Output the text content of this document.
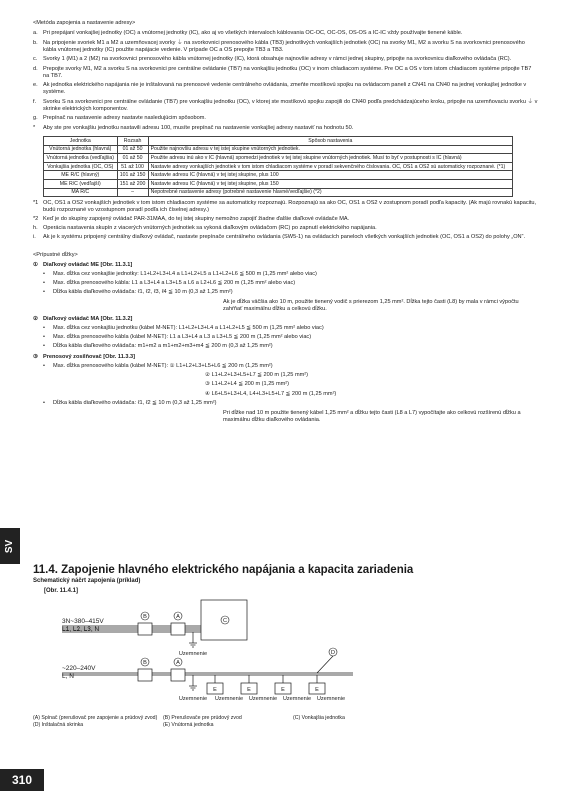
<Metóda zapojenia a nastavenie adresy>
a. Pri prepájaní vonkajšej jednotky (OC) a vnútornej jednotky (IC), ako aj vo všetkých intervaloch káblovania OC-OC, OC-OS, OS-OS a IC-IC vždy používajte tienené káble.
b. Na pripojenie svoriek M1 a M2 a uzemňovacej svorky ⏚ na svorkovnici prenosového kábla (TB3) jednotlivých vonkajších jednotiek (OC) na svorky M1, M2 a svorku S na svorkovnici prenosového kábla vnútornej jednotky (IC) použite napájacie vedenie. V prípade OC a OS prepojte TB3 a TB3.
c.	Svorky 1 (M1) a 2 (M2) na svorkovnici prenosového kábla vnútornej jednotky (IC), ktorá obsahuje najnovšie adresy v rámci jednej skupiny, pripojte na svorkovnicu diaľkového ovládača (RC).
d. Prepojte svorky M1, M2 a svorku S na svorkovnici pre centrálne ovládanie (TB7) na vonkajšiu jednotku (OC) v inom chladiacom systéme. Pre OC a OS v tom istom chladiacom systéme pripojte TB7 na TB7.
e. Ak jednotka elektrického napájania nie je inštalovaná na prenosové vedenie centrálneho ovládania, zmeňte mostíkovú spojku na ovládacom paneli z CN41 na CN40 na jednej vonkajšej jednotke v systéme.
f.	Svorku S na svorkovnici pre centrálne ovládanie (TB7) pre vonkajšiu jednotku (OC), v ktorej ste mostíkovú spojku zapojili do CN40 podľa predchádzajúceho kroku, pripojte na uzemňovaciu svorku ⏚ v skrinke elektrických komponentov.
g. Prepínač na nastavenie adresy nastavte nasledujúcim spôsobom.
*	Aby ste pre vonkajšiu jednotku nastavili adresu 100, musíte prepínač na nastavenie vonkajšej adresy nastaviť na hodnotu 50.
Jednotka	Rozsah	Spôsob nastavenia
Vnútorná jednotka (hlavná)	01 až 50	Použite najnovšiu adresu v tej istej skupine vnútorných jednotiek.
Vnútorná jednotka (vedľajšia)	01 až 50	Použite adresu inú ako v IC (hlavná) spomedzi jednotiek v tej istej skupine vnútorných jednotiek. Musí to byť v postupnosti s IC (hlavná)
Vonkajšia jednotka (OC, OS)	51 až 100	Nastavte adresy vonkajších jednotiek v tom istom chladiacom systéme v poradí sekvenčného číslovania. OC, OS1 a OS2 sú automaticky rozpoznané. (*1)
ME R/C (hlavný)	101 až 150	Nastavte adresu IC (hlavná) v tej istej skupine, plus 100
ME R/C (vedľajší)	151 až 200	Nastavte adresu IC (hlavná) v tej istej skupine, plus 150
MA R/C	–	Nepotrebné nastavenie adresy (potrebné nastavenie hlavné/vedľajšie) (*2)
*1 OC, OS1 a OS2 vonkajších jednotiek v tom istom chladiacom systéme sa automaticky rozpoznajú. Rozpoznajú sa ako OC, OS1 a OS2 v zostupnom poradí podľa kapacity. (Ak majú rovnakú kapacitu, budú rozpoznané vo vzostupnom poradí podľa ich číselnej adresy.)
*2 Keď je do skupiny zapojený ovládač PAR-31MAA, do tej istej skupiny nemožno zapojiť žiadne ďalšie diaľkové ovládače MA.
h. Operácia nastavenia skupín z viacerých vnútorných jednotiek sa vykoná diaľkovým ovládačom (RC) po zapnutí elektrického napájania.
i.	Ak je k systému pripojený centrálny diaľkový ovládač, nastavte prepínače centrálneho ovládania (SW5-1) na ovládacích paneloch všetkých vonkajších jednotiek (OC, OS1 a OS2) do polohy „ON“.
<Prípustné dĺžky>
① Diaľkový ovládač ME [Obr. 11.3.1]
•	Max. dĺžka cez vonkajšie jednotky: L1+L2+L3+L4 a L1+L2+L5 a L1+L2+L6 ≦ 500 m (1,25 mm² alebo viac)
•	Max. dĺžka prenosového kábla: L1 a L3+L4 a L3+L5 a L6 a L2+L6 ≦ 200 m (1,25 mm² alebo viac)
•	Dĺžka kábla diaľkového ovládača: ℓ1, ℓ2, ℓ3, ℓ4 ≦ 10 m (0,3 až 1,25 mm²)
Ak je dĺžka väčšia ako 10 m, použite tienený vodič s prierezom 1,25 mm². Dĺžka tejto časti (L8) by mala v rámci výpočtu zahŕňať maximálnu dĺžku a celkovú dĺžku.
② Diaľkový ovládač MA [Obr. 11.3.2]
•	Max. dĺžka cez vonkajšiu jednotku (kábel M-NET): L1+L2+L3+L4 a L1+L2+L5 ≦ 500 m (1,25 mm² alebo viac)
•	Max. dĺžka prenosového kábla (kábel M-NET): L1 a L3+L4 a L3 a L3+L5 ≦ 200 m (1,25 mm² alebo viac)
•	Dĺžka kábla diaľkového ovládača: m1+m2 a m1+m2+m3+m4 ≦ 200 m (0,3 až 1,25 mm²)
③ Prenosový zosilňovač [Obr. 11.3.3]
•	Max. dĺžka prenosového kábla (kábel M-NET): ① L1+L2+L3+L5+L6 ≦ 200 m (1,25 mm²)
② L1+L2+L3+L5+L7 ≦ 200 m (1,25 mm²)
③ L1+L2+L4 ≦ 200 m (1,25 mm²)
④ L6+L5+L3+L4, L4+L3+L5+L7 ≦ 200 m (1,25 mm²)
•	Dĺžka kábla diaľkového ovládača: ℓ1, ℓ2 ≦ 10 m (0,3 až 1,25 mm²)
Pri dĺžke nad 10 m použite tienený kábel 1,25 mm² a dĺžku tejto časti (L8 a L7) vypočítajte ako celkovú rozšírenú dĺžku a maximálnu dĺžku diaľkového ovládania.
SV
11.4. Zapojenie hlavného elektrického napájania a kapacita zariadenia
Schematický náčrt zapojenia (príklad)
[Obr. 11.4.1]
3N~380–415V
L1, L2, L3, N
~220–240V
L, N
B	A
C
Uzemnenie
B	A
D
E	E	E	E
Uzemnenie Uzemnenie Uzemnenie Uzemnenie Uzemnenie
(A) Spínač (prerušovač pre zapojenie a prúdový zvod)	(B) Prerušovače pre prúdový zvod	(C) Vonkajšia jednotka
(D) Inštalačná skrinka	(E) Vnútorná jednotka
310
